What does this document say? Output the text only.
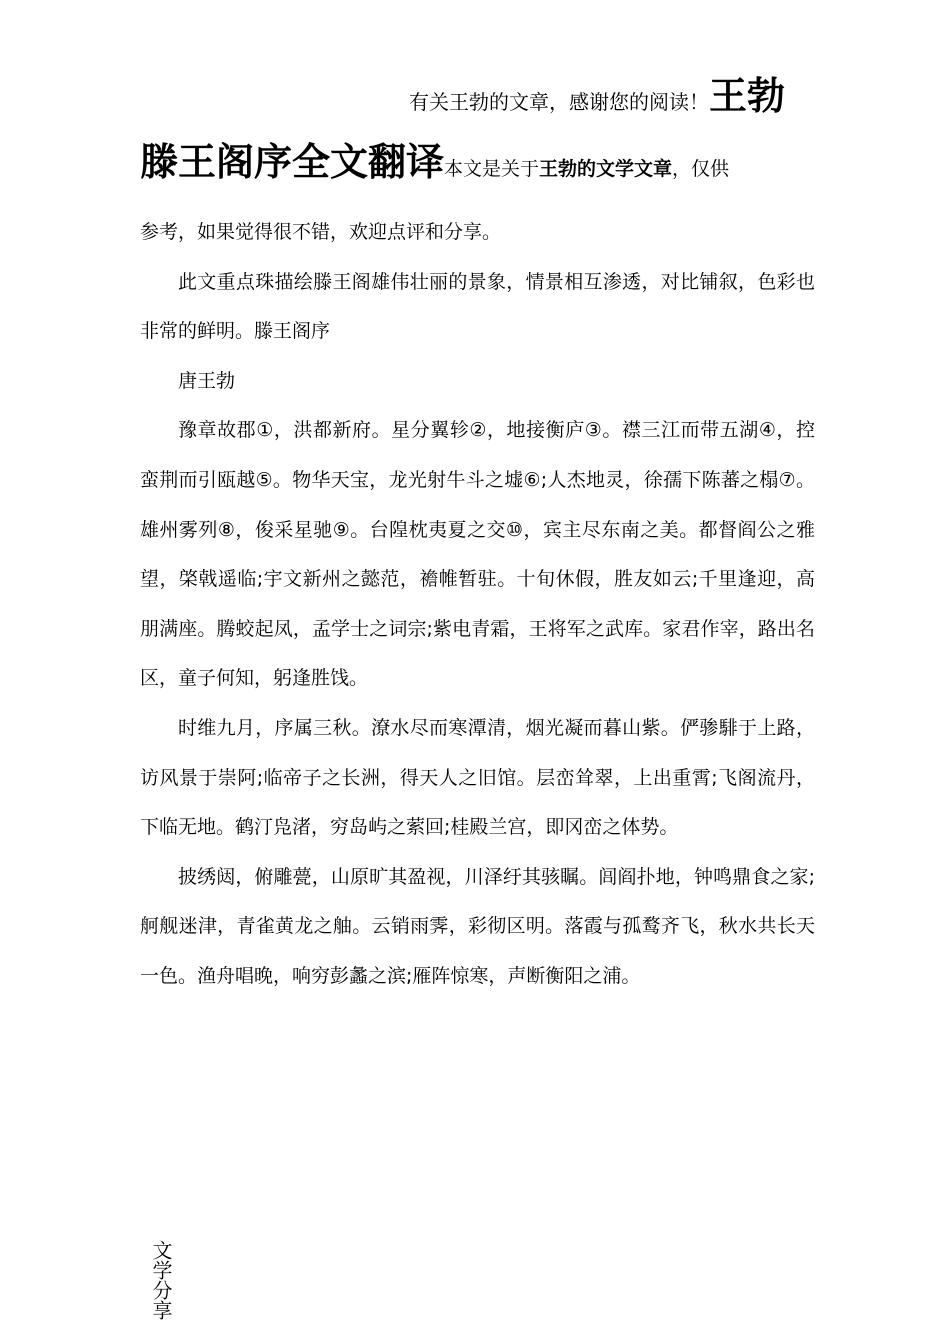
有关王勃的文章，感谢您的阅读！王勃
滕王阁序全文翻译本文是关于王勃的文学文章，仅供

参考，如果觉得很不错，欢迎点评和分享。

此文重点珠描绘滕王阁雄伟壮丽的景象，情景相互渗透，对比铺叙，色彩也非常的鲜明。滕王阁序

唐王勃

豫章故郡①，洪都新府。星分翼轸②，地接衡庐③。襟三江而带五湖④，控蛮荆而引瓯越⑤。物华天宝，龙光射牛斗之墟⑥;人杰地灵，徐孺下陈蕃之榻⑦。雄州雾列⑧，俊采星驰⑨。台隍枕夷夏之交⑩，宾主尽东南之美。都督阎公之雅望，棨戟遥临;宇文新州之懿范，襜帷暂驻。十旬休假，胜友如云;千里逢迎，高朋满座。腾蛟起凤，孟学士之词宗;紫电青霜，王将军之武库。家君作宰，路出名区，童子何知，躬逢胜饯。

时维九月，序属三秋。潦水尽而寒潭清，烟光凝而暮山紫。俨骖騑于上路，访风景于崇阿;临帝子之长洲，得天人之旧馆。层峦耸翠，上出重霄;飞阁流丹，下临无地。鹤汀凫渚，穷岛屿之萦回;桂殿兰宫，即冈峦之体势。

披绣闼，俯雕甍，山原旷其盈视，川泽纡其骇瞩。闾阎扑地，钟鸣鼎食之家;舸舰迷津，青雀黄龙之舳。云销雨霁，彩彻区明。落霞与孤鹜齐飞，秋水共长天一色。渔舟唱晚，响穷彭蠡之滨;雁阵惊寒，声断衡阳之浦。

文学分享
